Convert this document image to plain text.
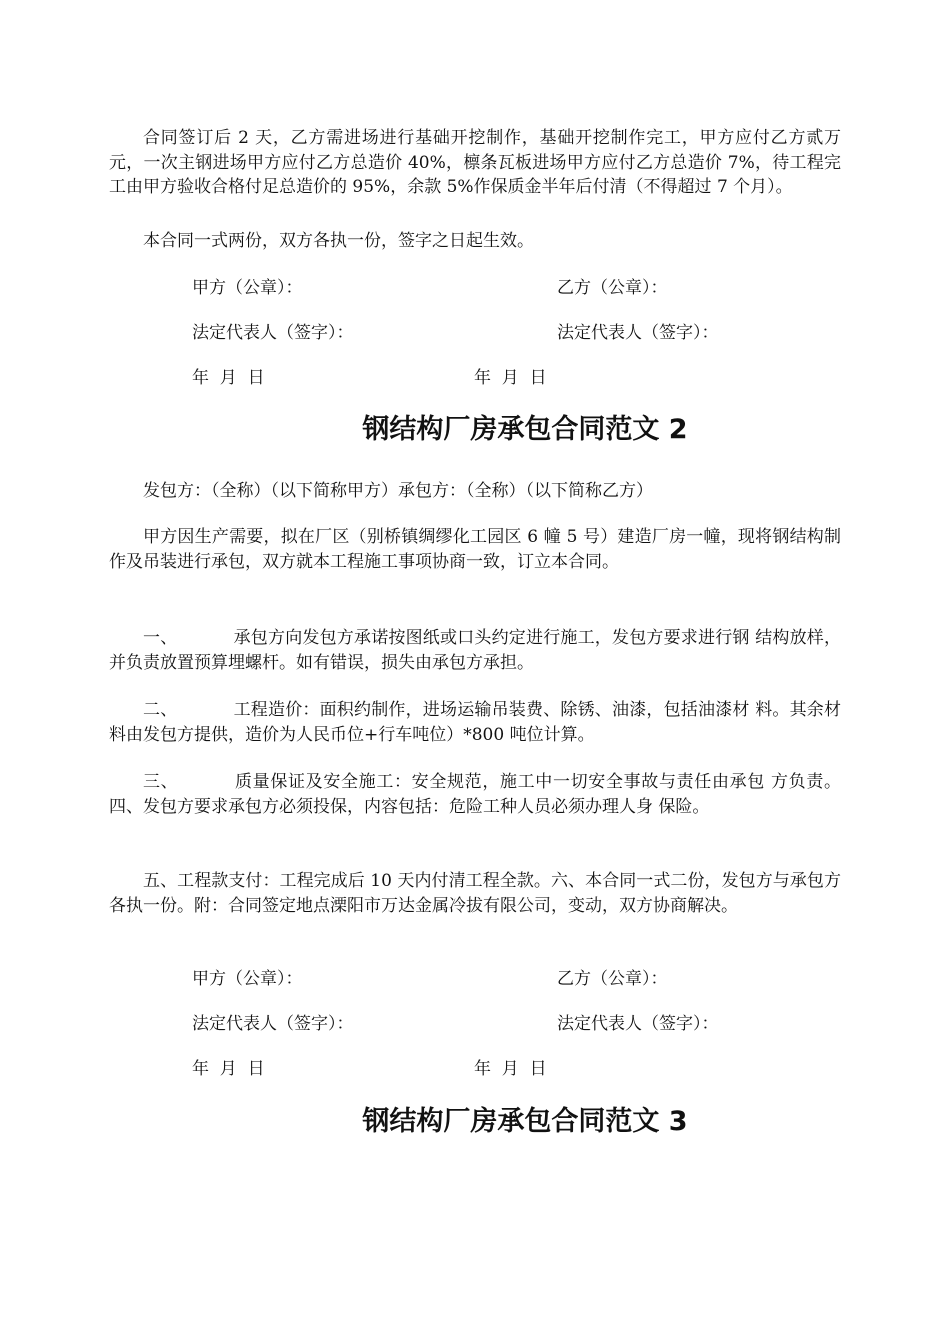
合同签订后 2 天，乙方需进场进行基础开挖制作，基础开挖制作完工，甲方应付乙方贰万元，一次主钢进场甲方应付乙方总造价 40%，檩条瓦板进场甲方应付乙方总造价 7%，待工程完工由甲方验收合格付足总造价的 95%，余款 5%作保质金半年后付清（不得超过 7 个月）。

本合同一式两份，双方各执一份，签字之日起生效。

甲方（公章）：	乙方（公章）：

法定代表人（签字）：	法定代表人（签字）：

年  月  日	年  月  日

钢结构厂房承包合同范文 2

发包方：（全称）（以下简称甲方）承包方：（全称）（以下简称乙方）

甲方因生产需要，拟在厂区（别桥镇绸缪化工园区 6 幢 5 号）建造厂房一幢，现将钢结构制作及吊装进行承包，双方就本工程施工事项协商一致，订立本合同。

一、	承包方向发包方承诺按图纸或口头约定进行施工，发包方要求进行钢 结构放样，并负责放置预算埋螺杆。如有错误，损失由承包方承担。

二、	工程造价：面积约制作，进场运输吊装费、除锈、油漆，包括油漆材 料。其余材料由发包方提供，造价为人民币位+行车吨位）*800 吨位计算。

三、	质量保证及安全施工：安全规范，施工中一切安全事故与责任由承包 方负责。四、发包方要求承包方必须投保，内容包括：危险工种人员必须办理人身 保险。

五、工程款支付：工程完成后 10 天内付清工程全款。六、本合同一式二份，发包方与承包方各执一份。附：合同签定地点溧阳市万达金属冷拔有限公司，变动，双方协商解决。

甲方（公章）：	乙方（公章）：

法定代表人（签字）：	法定代表人（签字）：

年  月  日	年  月  日

钢结构厂房承包合同范文 3
